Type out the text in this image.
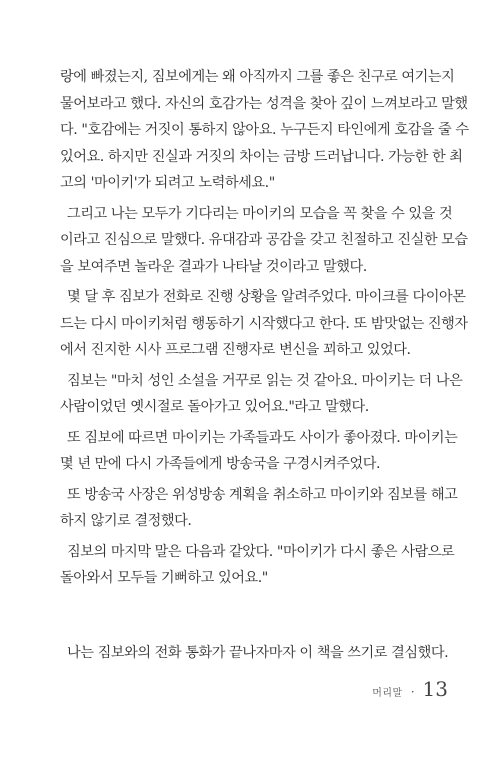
랑에 빠졌는지, 짐보에게는 왜 아직까지 그를 좋은 친구로 여기는지
물어보라고 했다. 자신의 호감가는 성격을 찾아 깊이 느껴보라고 말했
다. "호감에는 거짓이 통하지 않아요. 누구든지 타인에게 호감을 줄 수
있어요. 하지만 진실과 거짓의 차이는 금방 드러납니다. 가능한 한 최
고의 '마이키'가 되려고 노력하세요."
그리고 나는 모두가 기다리는 마이키의 모습을 꼭 찾을 수 있을 것
이라고 진심으로 말했다. 유대감과 공감을 갖고 친절하고 진실한 모습
을 보여주면 놀라운 결과가 나타날 것이라고 말했다.
몇 달 후 짐보가 전화로 진행 상황을 알려주었다. 마이크를 다이아몬
드는 다시 마이키처럼 행동하기 시작했다고 한다. 또 밤맛없는 진행자
에서 진지한 시사 프로그램 진행자로 변신을 꾀하고 있었다.
짐보는 "마치 성인 소설을 거꾸로 읽는 것 같아요. 마이키는 더 나은
사람이었던 옛시절로 돌아가고 있어요."라고 말했다.
또 짐보에 따르면 마이키는 가족들과도 사이가 좋아졌다. 마이키는
몇 년 만에 다시 가족들에게 방송국을 구경시켜주었다.
또 방송국 사장은 위성방송 계획을 취소하고 마이키와 짐보를 해고
하지 않기로 결정했다.
짐보의 마지막 말은 다음과 같았다. "마이키가 다시 좋은 사람으로
돌아와서 모두들 기뻐하고 있어요."
나는 짐보와의 전화 통화가 끝나자마자 이 책을 쓰기로 결심했다.
머리말 · 13
